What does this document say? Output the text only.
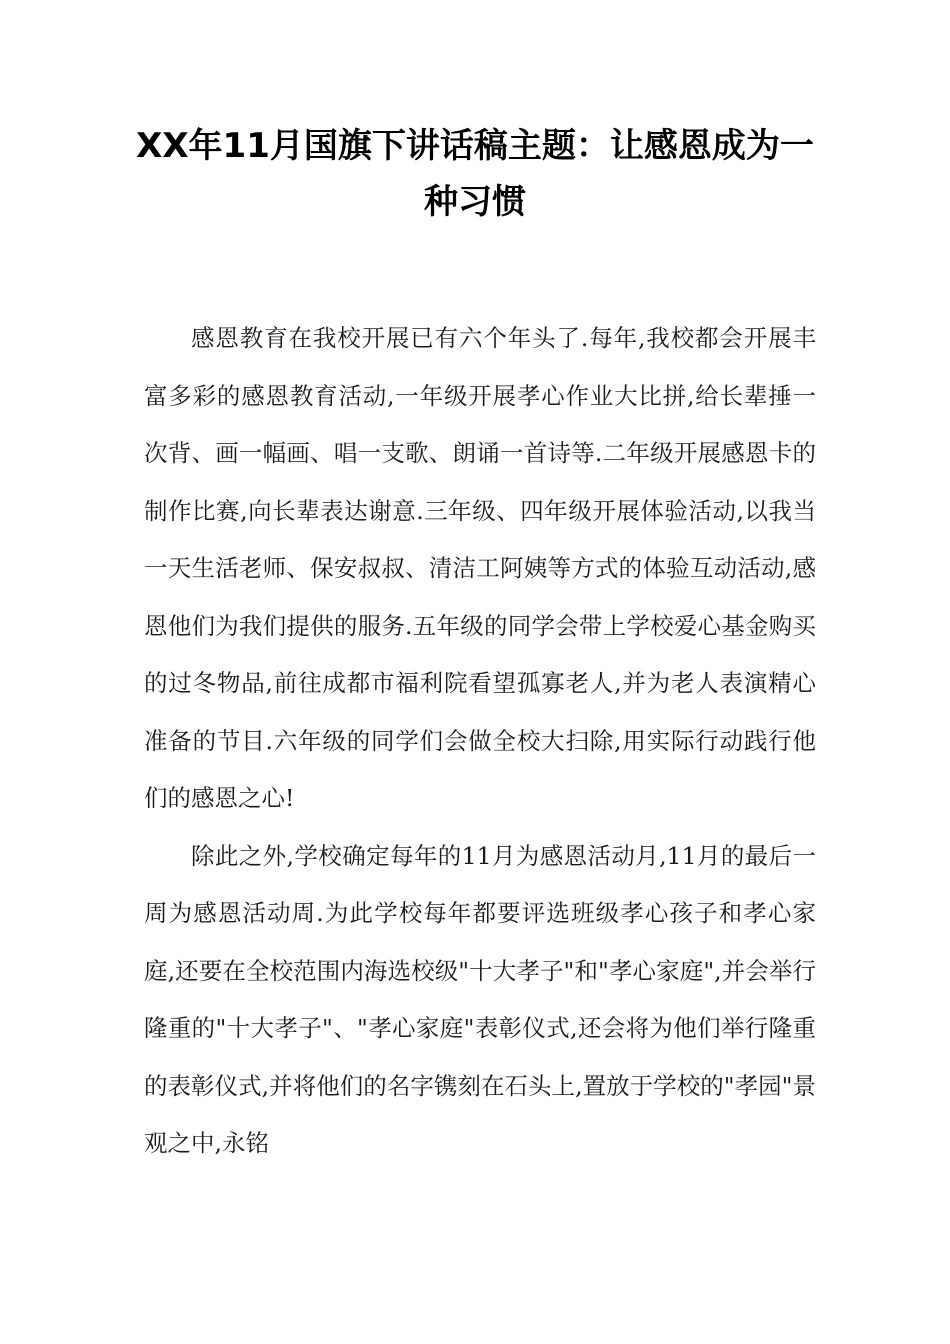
XX年11月国旗下讲话稿主题：让感恩成为一种习惯

感恩教育在我校开展已有六个年头了.每年,我校都会开展丰富多彩的感恩教育活动,一年级开展孝心作业大比拼,给长辈捶一次背、画一幅画、唱一支歌、朗诵一首诗等.二年级开展感恩卡的制作比赛,向长辈表达谢意.三年级、四年级开展体验活动,以我当一天生活老师、保安叔叔、清洁工阿姨等方式的体验互动活动,感恩他们为我们提供的服务.五年级的同学会带上学校爱心基金购买的过冬物品,前往成都市福利院看望孤寡老人,并为老人表演精心准备的节目.六年级的同学们会做全校大扫除,用实际行动践行他们的感恩之心!

除此之外,学校确定每年的11月为感恩活动月,11月的最后一周为感恩活动周.为此学校每年都要评选班级孝心孩子和孝心家庭,还要在全校范围内海选校级"十大孝子"和"孝心家庭",并会举行隆重的"十大孝子"、"孝心家庭"表彰仪式,还会将为他们举行隆重的表彰仪式,并将他们的名字镌刻在石头上,置放于学校的"孝园"景观之中,永铭
